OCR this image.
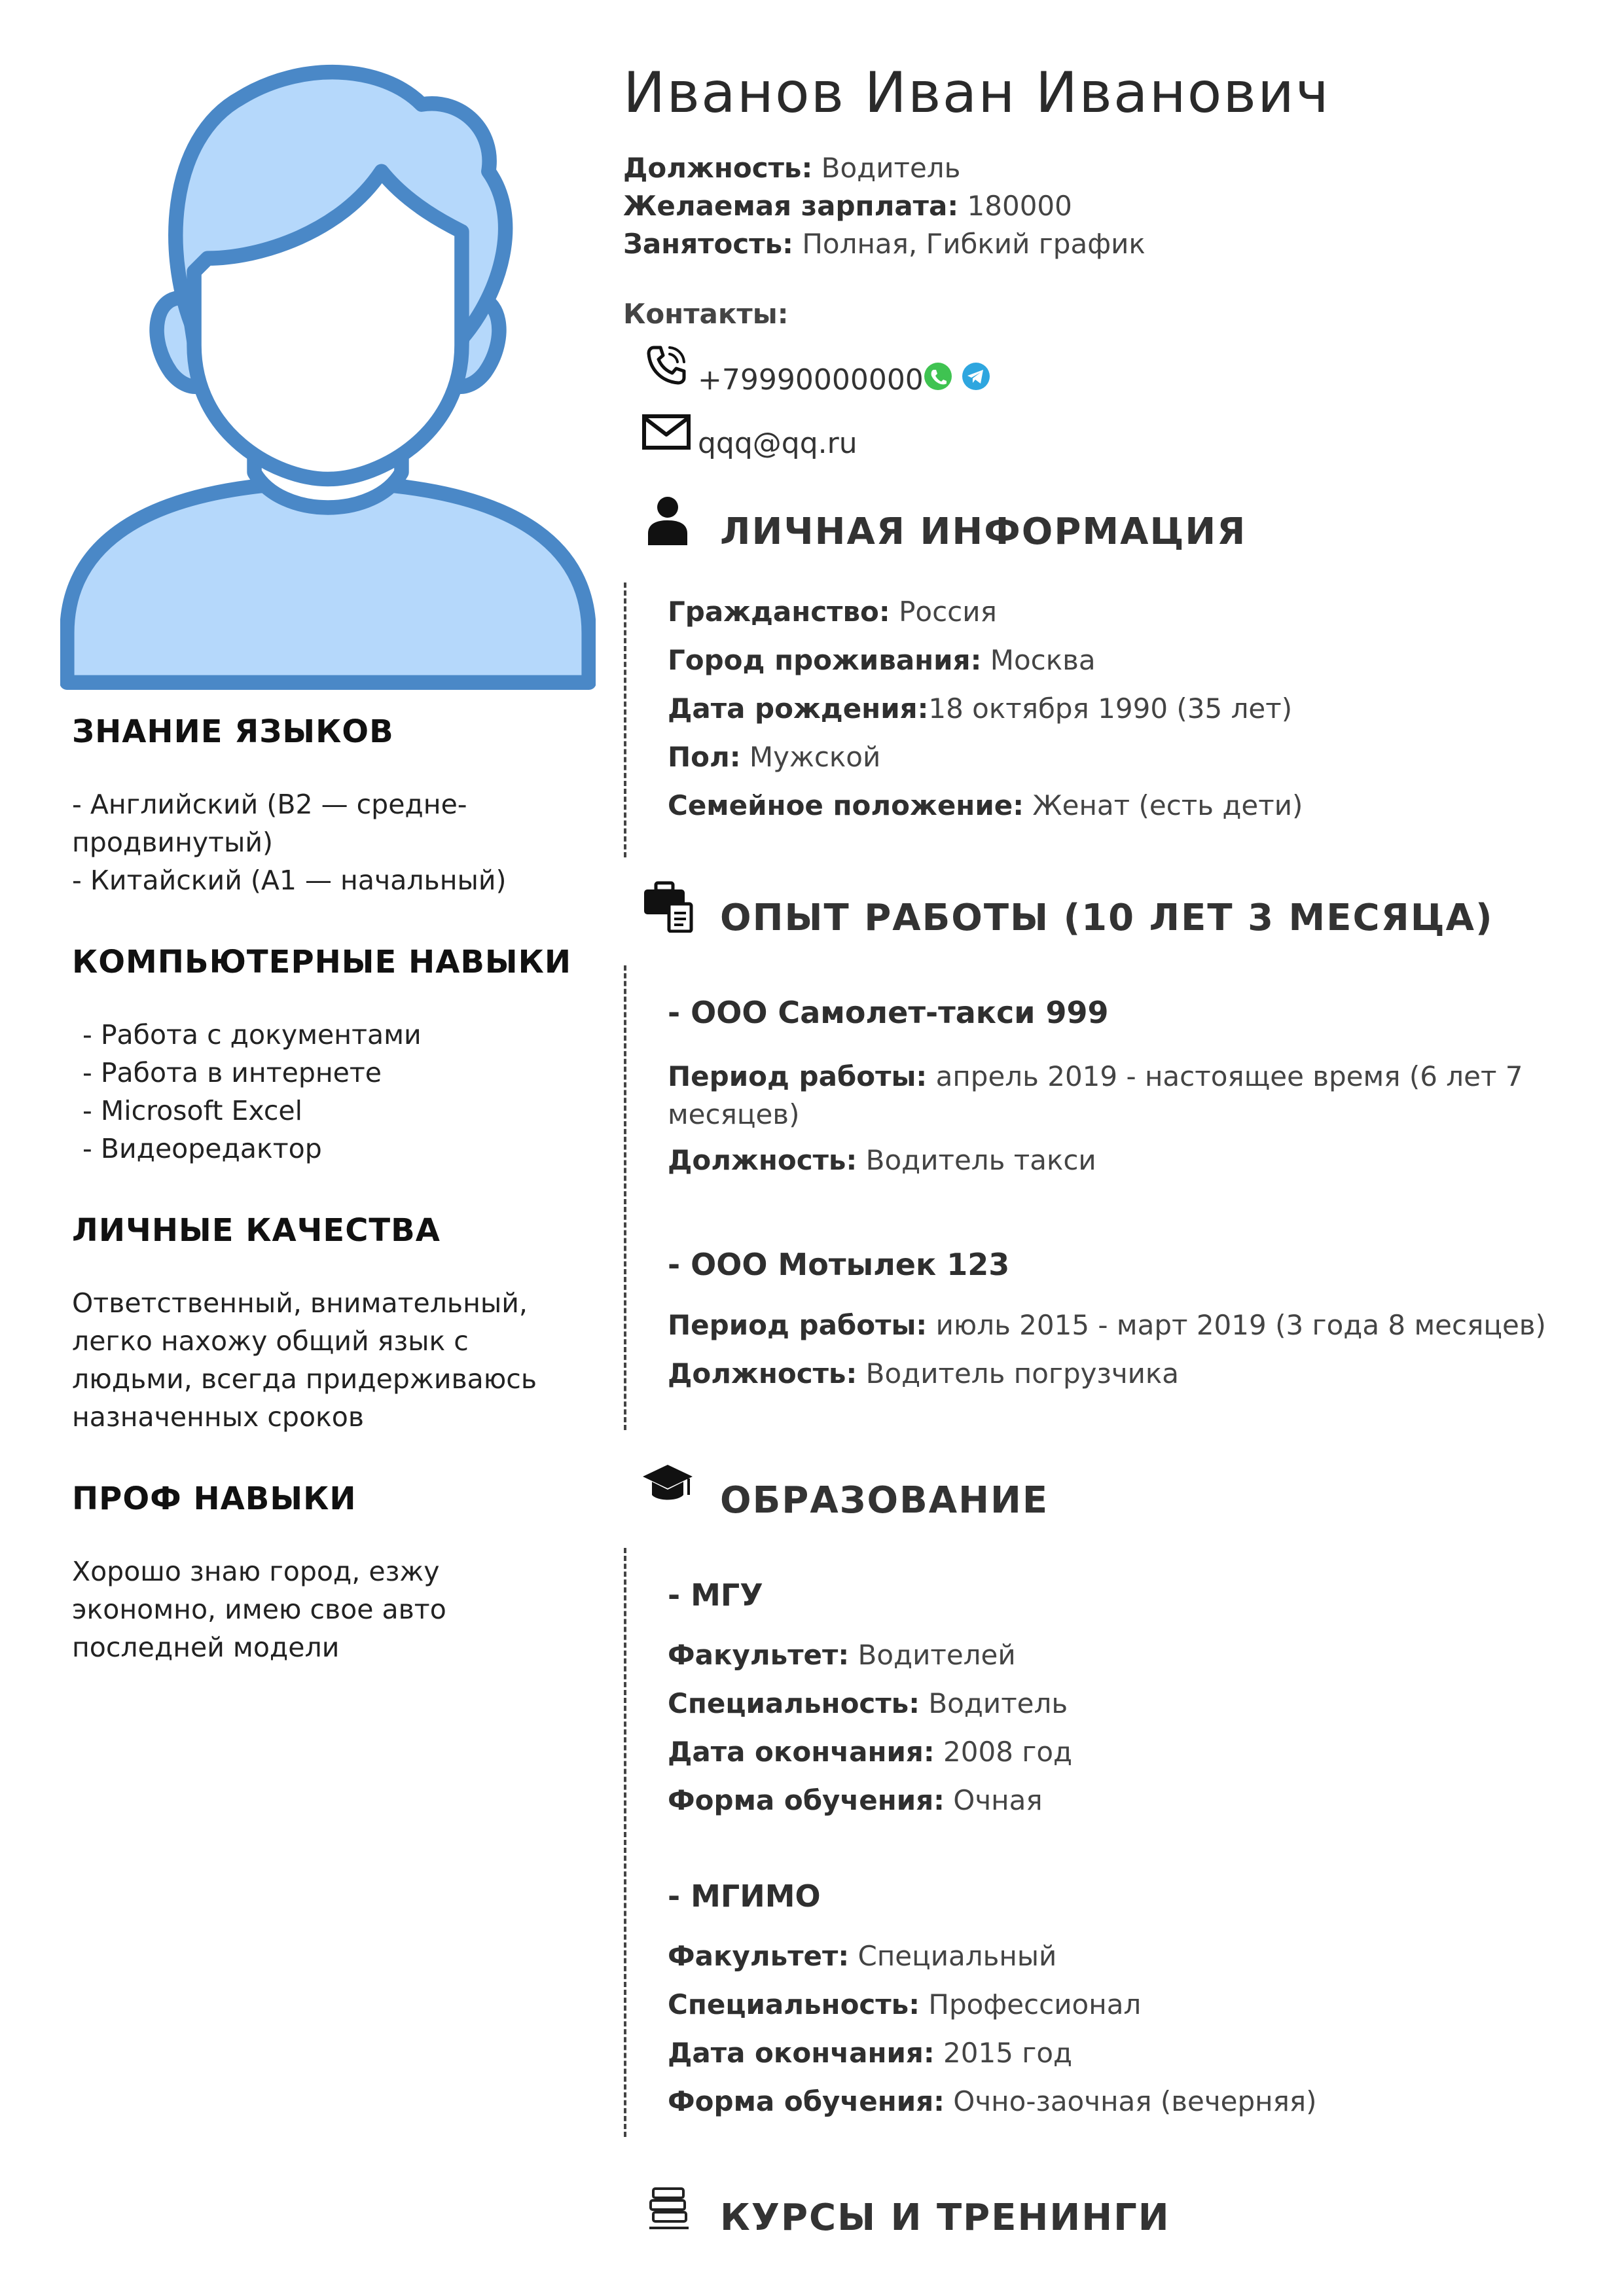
ЗНАНИЕ ЯЗЫКОВ
- Английский (B2 — средне-
продвинутый)
- Китайский (A1 — начальный)
КОМПЬЮТЕРНЫЕ НАВЫКИ
- Работа с документами
- Работа в интернете
- Microsoft Excel
- Видеоредактор
ЛИЧНЫЕ КАЧЕСТВА
Ответственный, внимательный,
легко нахожу общий язык с
людьми, всегда придерживаюсь
назначенных сроков
ПРОФ НАВЫКИ
Хорошо знаю город, езжу
экономно, имею свое авто
последней модели
Иванов Иван Иванович
Должность: Водитель
Желаемая зарплата: 180000
Занятость: Полная, Гибкий график
Контакты:
+79990000000
qqq@qq.ru
ЛИЧНАЯ ИНФОРМАЦИЯ
Гражданство: Россия
Город проживания: Москва
Дата рождения:18 октября 1990 (35 лет)
Пол: Мужской
Семейное положение: Женат (есть дети)
ОПЫТ РАБОТЫ (10 ЛЕТ 3 МЕСЯЦА)
- ООО Самолет-такси 999
Период работы: апрель 2019 - настоящее время (6 лет 7 месяцев)
Должность: Водитель такси
- ООО Мотылек 123
Период работы: июль 2015 - март 2019 (3 года 8 месяцев)
Должность: Водитель погрузчика
ОБРАЗОВАНИЕ
- МГУ
Факультет: Водителей
Специальность: Водитель
Дата окончания: 2008 год
Форма обучения: Очная
- МГИМО
Факультет: Специальный
Специальность: Профессионал
Дата окончания: 2015 год
Форма обучения: Очно-заочная (вечерняя)
КУРСЫ И ТРЕНИНГИ
